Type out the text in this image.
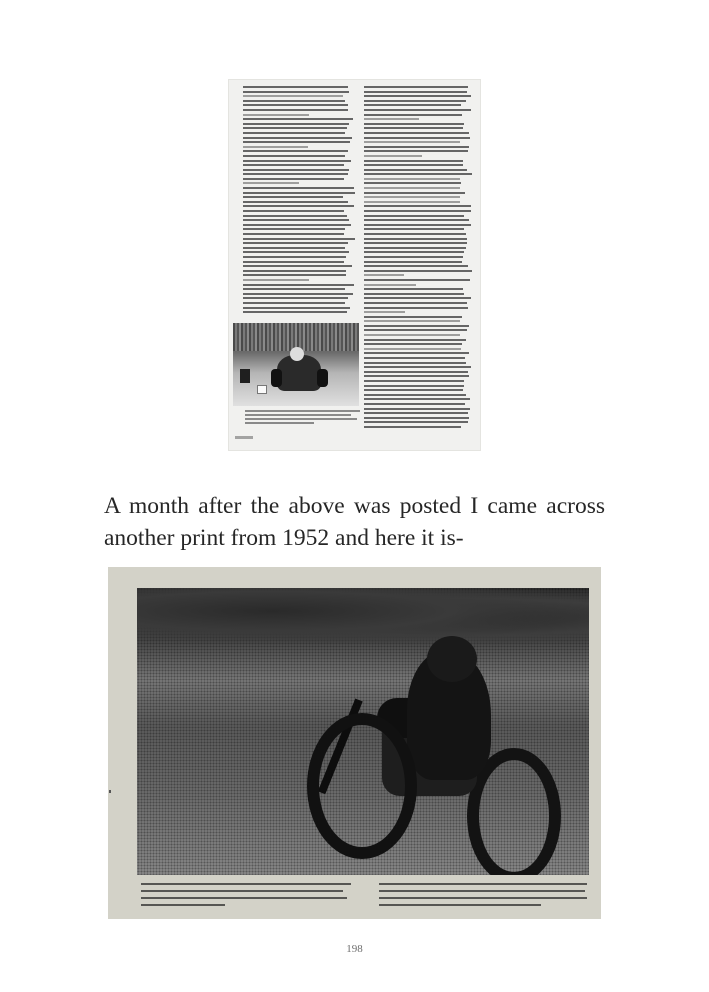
A month after the above was posted I came across another print from 1952 and here it is-
198
